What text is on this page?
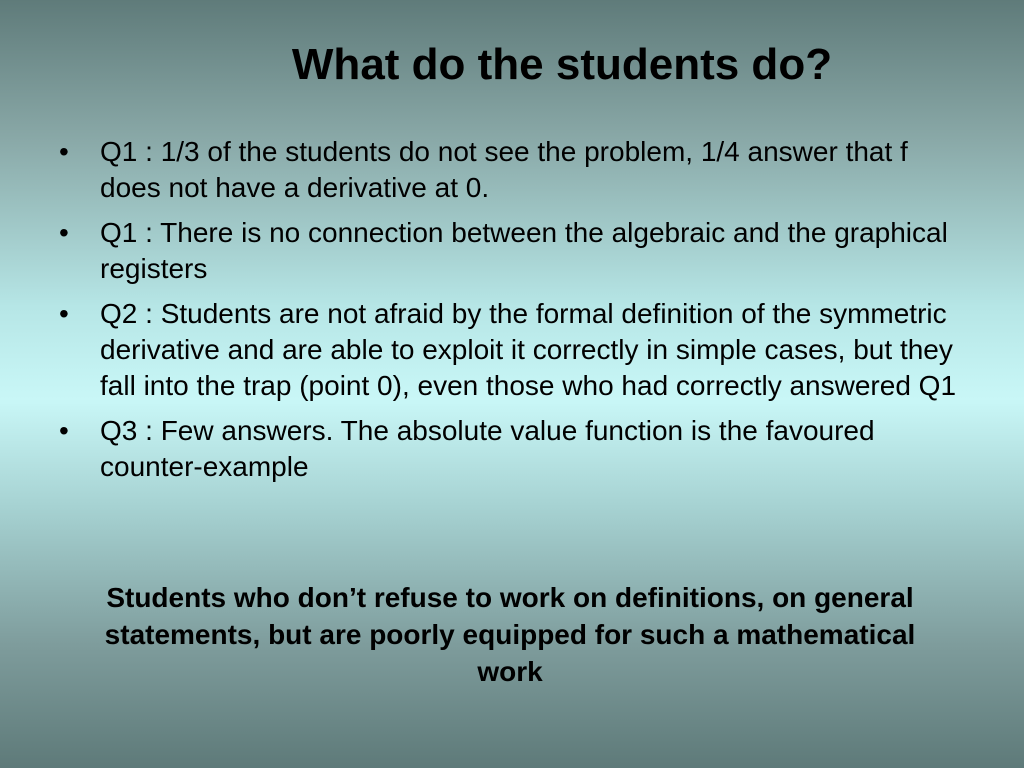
What do the students do?
•	Q1 : 1/3 of the students do not see the problem, 1/4 answer that f does not have a derivative at 0.
•	Q1 : There is no connection between the algebraic and the graphical registers
•	Q2 : Students are not afraid by the formal definition of the symmetric derivative and are able to exploit it correctly in simple cases, but they fall into the trap (point 0), even those who had correctly answered Q1
•	Q3 : Few answers. The absolute value function is the favoured counter-example
Students who don’t refuse to work on definitions, on general statements, but are poorly equipped for such a mathematical work
